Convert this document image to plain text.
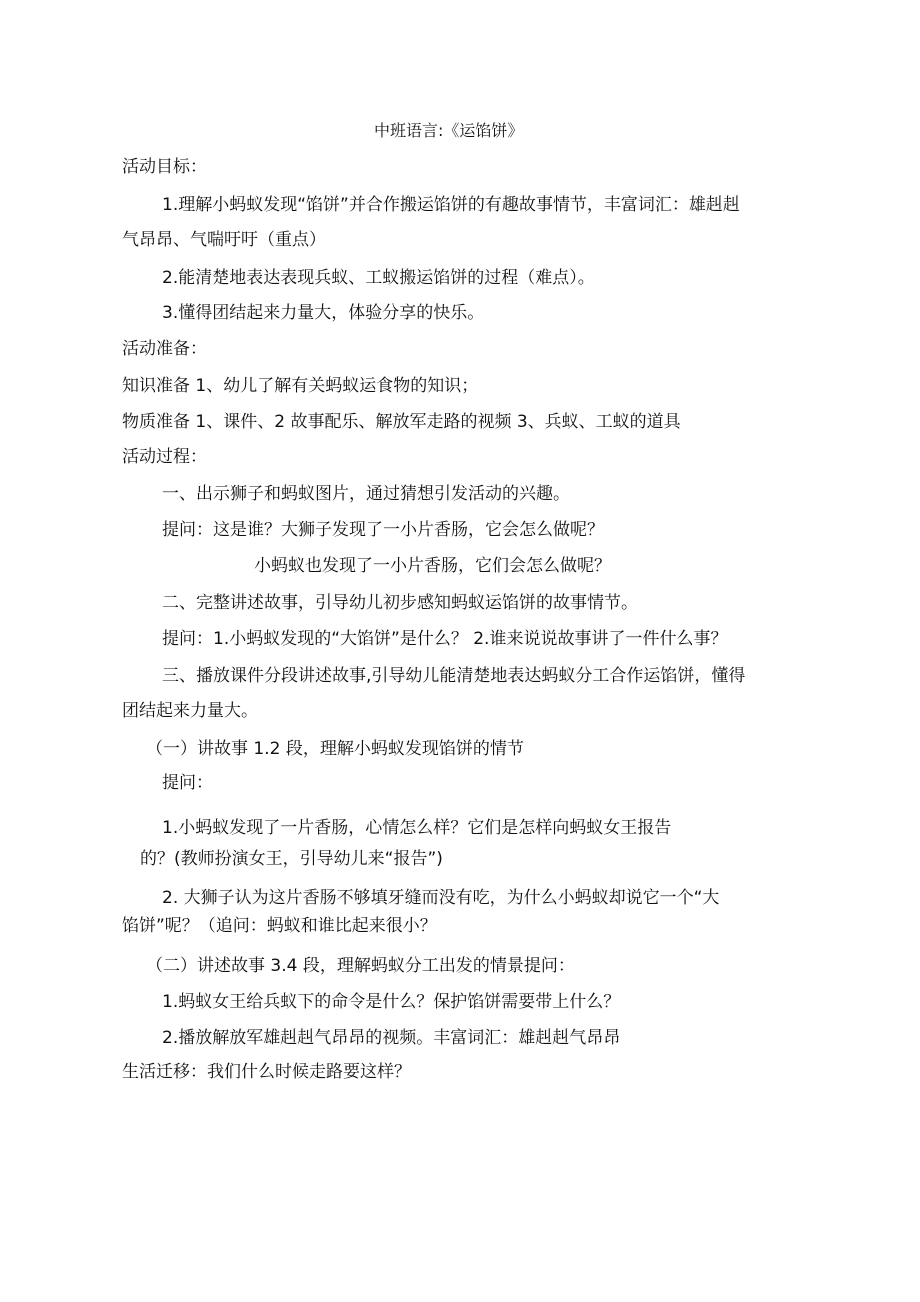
中班语言:《运馅饼》
活动目标：
1.理解小蚂蚁发现“馅饼”并合作搬运馅饼的有趣故事情节，丰富词汇：雄赳赳
气昂昂、气喘吁吁（重点）
2.能清楚地表达表现兵蚁、工蚁搬运馅饼的过程（难点）。
3.懂得团结起来力量大，体验分享的快乐。
活动准备：
知识准备 1、幼儿了解有关蚂蚁运食物的知识；
物质准备 1、课件、2 故事配乐、解放军走路的视频 3、兵蚁、工蚁的道具
活动过程：
一、出示狮子和蚂蚁图片，通过猜想引发活动的兴趣。
提问：这是谁？大狮子发现了一小片香肠，它会怎么做呢？
小蚂蚁也发现了一小片香肠，它们会怎么做呢？
二、完整讲述故事，引导幼儿初步感知蚂蚁运馅饼的故事情节。
提问：1.小蚂蚁发现的“大馅饼”是什么？ 2.谁来说说故事讲了一件什么事？
三、播放课件分段讲述故事,引导幼儿能清楚地表达蚂蚁分工合作运馅饼，懂得
团结起来力量大。
（一）讲故事 1.2 段，理解小蚂蚁发现馅饼的情节
提问：
1.小蚂蚁发现了一片香肠，心情怎么样？它们是怎样向蚂蚁女王报告
的？(教师扮演女王，引导幼儿来“报告”)
2. 大狮子认为这片香肠不够填牙缝而没有吃，为什么小蚂蚁却说它一个“大
馅饼”呢？（追问：蚂蚁和谁比起来很小？
（二）讲述故事 3.4 段，理解蚂蚁分工出发的情景提问：
1.蚂蚁女王给兵蚁下的命令是什么？保护馅饼需要带上什么？
2.播放解放军雄赳赳气昂昂的视频。丰富词汇：雄赳赳气昂昂
生活迁移：我们什么时候走路要这样？
